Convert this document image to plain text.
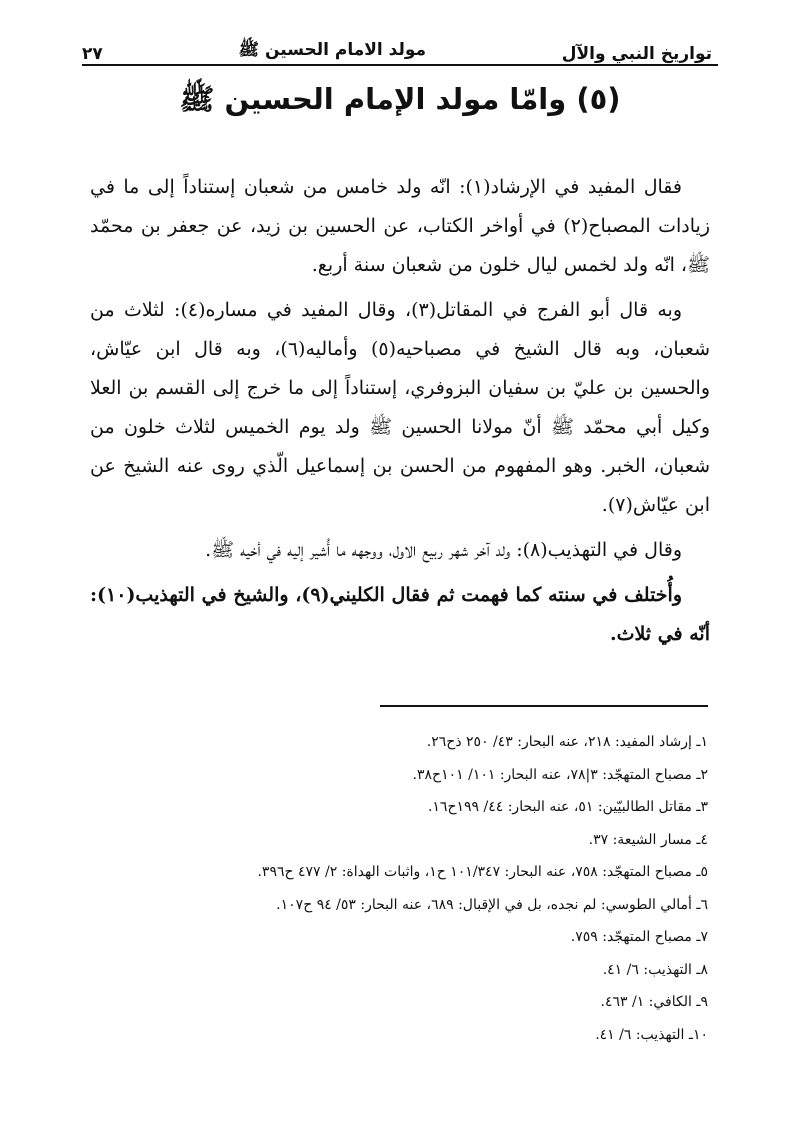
٢٧	مولد الامام الحسين ﷺ	تواريخ النبي والآل
(٥) وامّا مولد الإمام الحسين ﷺ

فقال المفيد في الإرشاد(١): انّه ولد خامس من شعبان إستناداً إلى ما في زيادات المصباح(٢) في أواخر الكتاب، عن الحسين بن زيد، عن جعفر بن محمّد ﷺ، انّه ولد لخمس ليال خلون من شعبان سنة أربع.

وبه قال أبو الفرج في المقاتل(٣)، وقال المفيد في مساره(٤): لثلاث من شعبان، وبه قال الشيخ في مصباحيه(٥) وأماليه(٦)، وبه قال ابن عيّاش، والحسين بن عليّ بن سفيان البزوفري، إستناداً إلى ما خرج إلى القسم بن العلا وكيل أبي محمّد ﷺ أنّ مولانا الحسين ﷺ ولد يوم الخميس لثلاث خلون من شعبان، الخبر. وهو المفهوم من الحسن بن إسماعيل الّذي روى عنه الشيخ عن ابن عيّاش(٧).

وقال في التهذيب(٨): ولد آخر شهر ربيع الاول، ووجهه ما أُشير إليه في أخيه ﷺ.

وأُختلف في سنته كما فهمت ثم فقال الكليني(٩)، والشيخ في التهذيب(١٠): أنّه في ثلاث.

١ـ إرشاد المفيد: ٢١٨، عنه البحار: ٤٣/ ٢٥٠ ذح٢٦.
٢ـ مصباح المتهجّد: ٣|٧٨، عنه البحار: ١٠١/ ١٠١ح٣٨.
٣ـ مقاتل الطالبيّين: ٥١، عنه البحار: ٤٤/ ١٩٩ح١٦.
٤ـ مسار الشيعة: ٣٧.
٥ـ مصباح المتهجّد: ٧٥٨، عنه البحار: ١٠١/٣٤٧ ح١، واثبات الهداة: ٢/ ٤٧٧ ح٣٩٦.
٦ـ أمالي الطوسي: لم نجده، بل في الإقبال: ٦٨٩، عنه البحار: ٥٣/ ٩٤ ح١٠٧.
٧ـ مصباح المتهجّد: ٧٥٩.
٨ـ التهذيب: ٦/ ٤١.
٩ـ الكافي: ١/ ٤٦٣.
١٠ـ التهذيب: ٦/ ٤١.
